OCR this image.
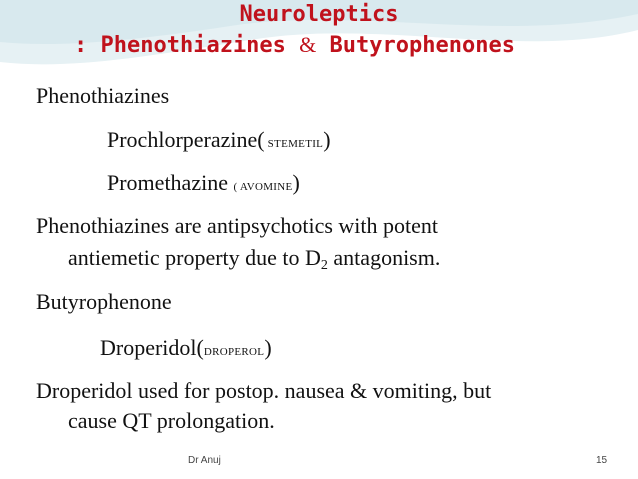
Neuroleptics
: Phenothiazines & Butyrophenones
Phenothiazines
Prochlorperazine( STEMETIL)
Promethazine ( AVOMINE)
Phenothiazines are antipsychotics with potent
antiemetic property due to $D_2$ antagonism.
Butyrophenone
Droperidol(DROPEROL)
Droperidol used for postop. nausea & vomiting, but
cause QT prolongation.
Dr Anuj	15
